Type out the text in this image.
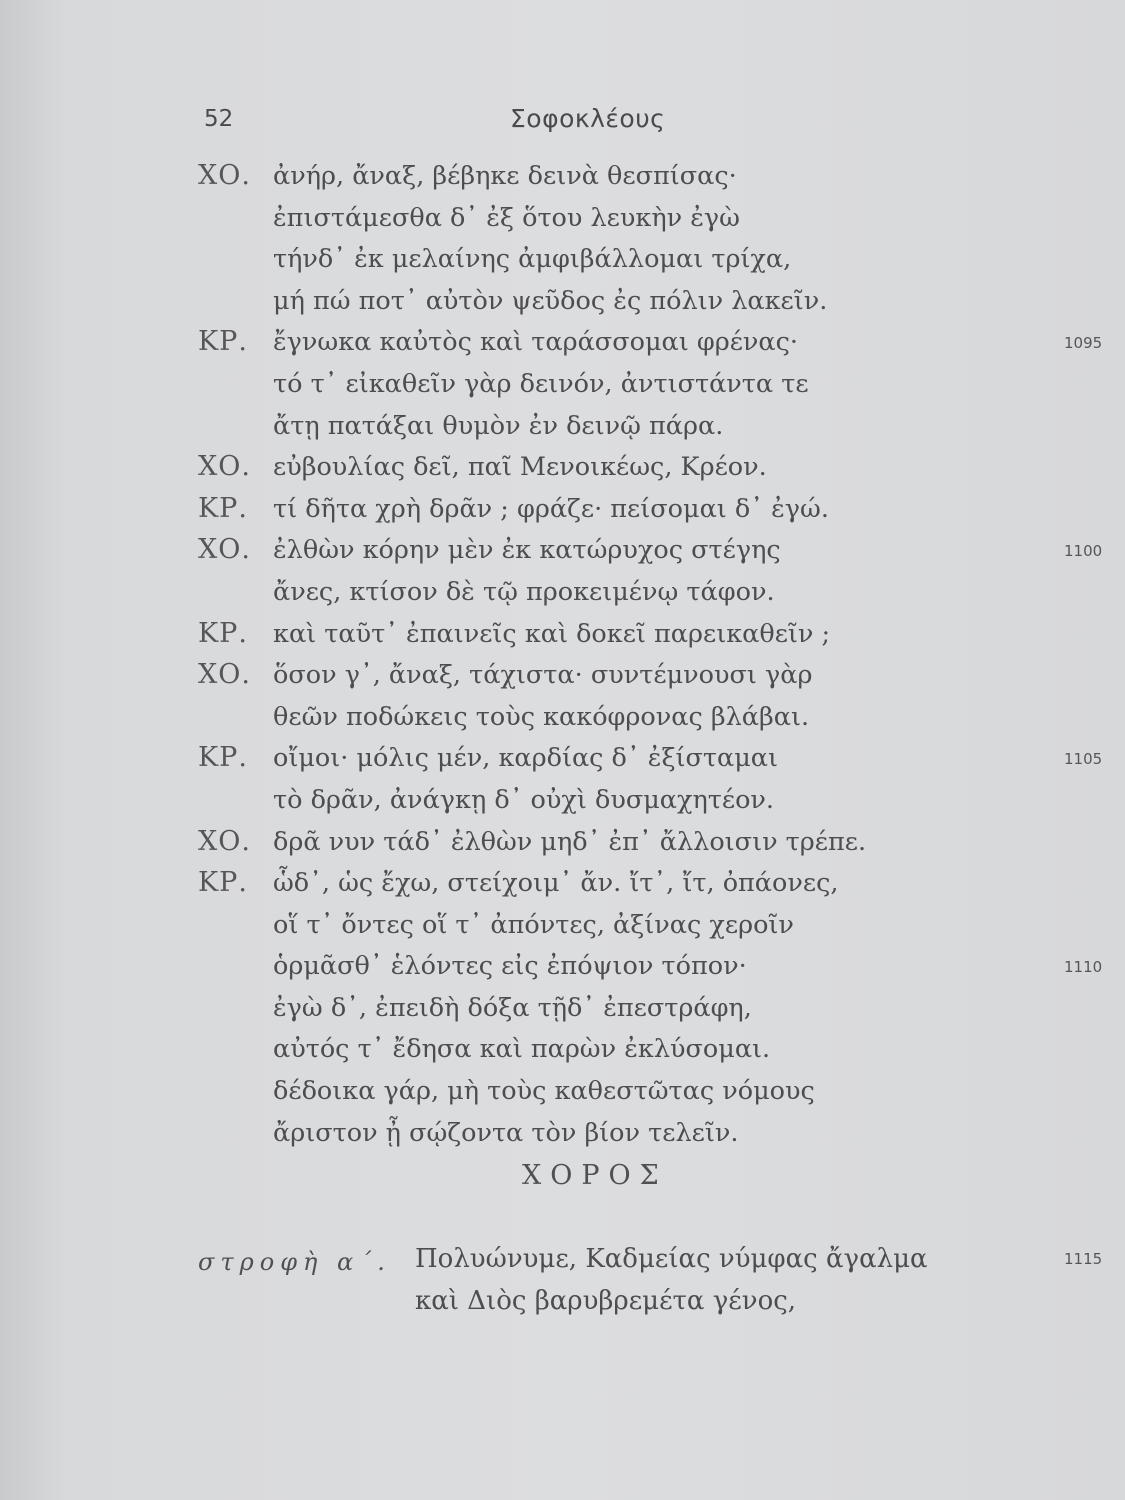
52	Σοφοκλέους
ΧΟ. ἀνήρ, ἄναξ, βέβηκε δεινὰ θεσπίσας·
ἐπιστάμεσθα δ᾽ ἐξ ὅτου λευκὴν ἐγὼ
τήνδ᾽ ἐκ μελαίνης ἀμφιβάλλομαι τρίχα,
μή πώ ποτ᾽ αὐτὸν ψεῦδος ἐς πόλιν λακεῖν.
ΚΡ. ἔγνωκα καὐτὸς καὶ ταράσσομαι φρένας·	1095
τό τ᾽ εἰκαθεῖν γὰρ δεινόν, ἀντιστάντα τε
ἄτῃ πατάξαι θυμὸν ἐν δεινῷ πάρα.
ΧΟ. εὐβουλίας δεῖ, παῖ Μενοικέως, Κρέον.
ΚΡ. τί δῆτα χρὴ δρᾶν ; φράζε· πείσομαι δ᾽ ἐγώ.
ΧΟ. ἐλθὼν κόρην μὲν ἐκ κατώρυχος στέγης	1100
ἄνες, κτίσον δὲ τῷ προκειμένῳ τάφον.
ΚΡ. καὶ ταῦτ᾽ ἐπαινεῖς καὶ δοκεῖ παρεικαθεῖν ;
ΧΟ. ὅσον γ᾽, ἄναξ, τάχιστα· συντέμνουσι γὰρ
θεῶν ποδώκεις τοὺς κακόφρονας βλάβαι.
ΚΡ. οἴμοι· μόλις μέν, καρδίας δ᾽ ἐξίσταμαι	1105
τὸ δρᾶν, ἀνάγκῃ δ᾽ οὐχὶ δυσμαχητέον.
ΧΟ. δρᾶ νυν τάδ᾽ ἐλθὼν μηδ᾽ ἐπ᾽ ἄλλοισιν τρέπε.
ΚΡ. ὧδ᾽, ὡς ἔχω, στείχοιμ᾽ ἄν. ἴτ᾽, ἴτ, ὀπάονες,
οἵ τ᾽ ὄντες οἵ τ᾽ ἀπόντες, ἀξίνας χεροῖν
ὁρμᾶσθ᾽ ἑλόντες εἰς ἐπόψιον τόπον·	1110
ἐγὼ δ᾽, ἐπειδὴ δόξα τῇδ᾽ ἐπεστράφη,
αὐτός τ᾽ ἔδησα καὶ παρὼν ἐκλύσομαι.
δέδοικα γάρ, μὴ τοὺς καθεστῶτας νόμους
ἄριστον ᾖ σῴζοντα τὸν βίον τελεῖν.
ΧΟΡΟΣ
στροφὴ α΄. Πολυώνυμε, Καδμείας νύμφας ἄγαλμα	1115
καὶ Διὸς βαρυβρεμέτα γένος,
